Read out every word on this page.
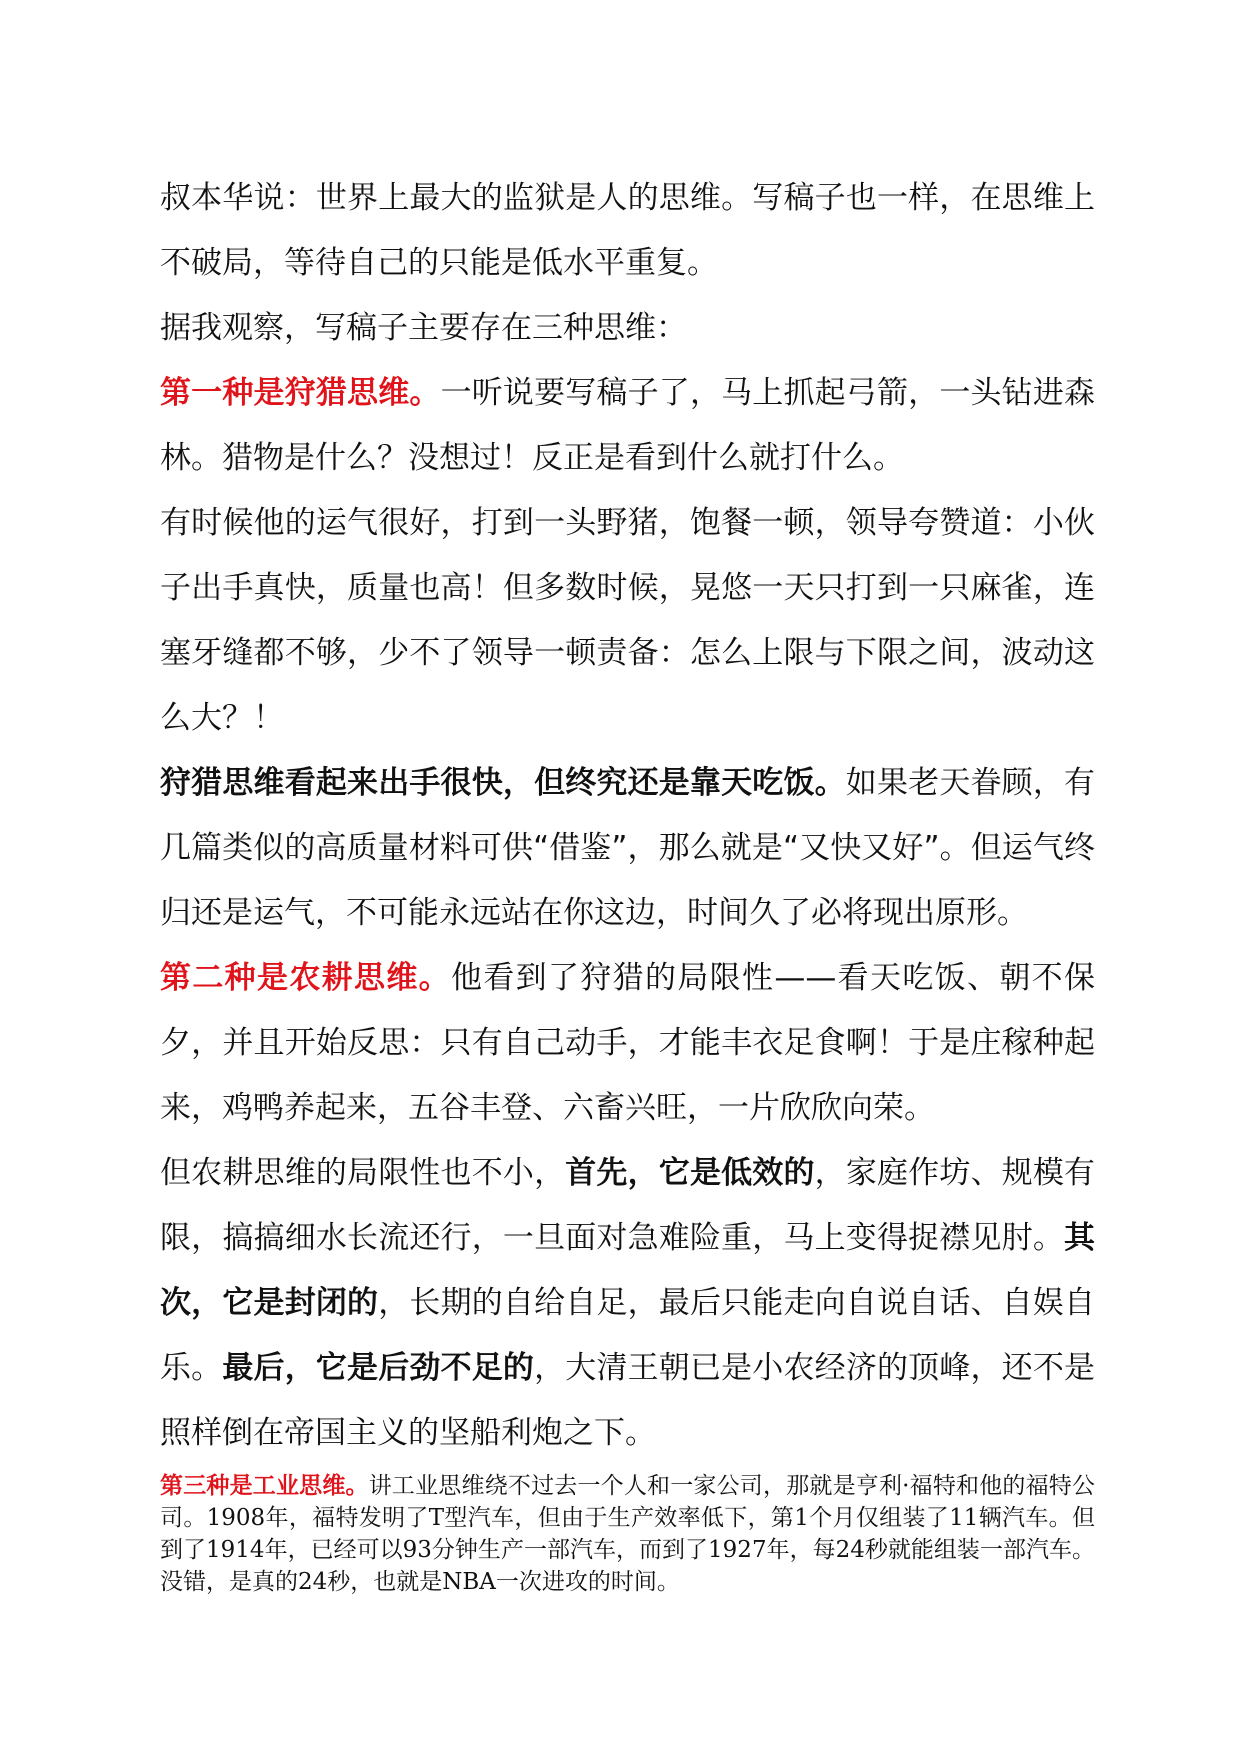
叔本华说：世界上最大的监狱是人的思维。写稿子也一样，在思维上不破局，等待自己的只能是低水平重复。

据我观察，写稿子主要存在三种思维：

第一种是狩猎思维。一听说要写稿子了，马上抓起弓箭，一头钻进森林。猎物是什么？没想过！反正是看到什么就打什么。

有时候他的运气很好，打到一头野猪，饱餐一顿，领导夸赞道：小伙子出手真快，质量也高！但多数时候，晃悠一天只打到一只麻雀，连塞牙缝都不够，少不了领导一顿责备：怎么上限与下限之间，波动这么大？！

狩猎思维看起来出手很快，但终究还是靠天吃饭。如果老天眷顾，有几篇类似的高质量材料可供“借鉴”，那么就是“又快又好”。但运气终归还是运气，不可能永远站在你这边，时间久了必将现出原形。

第二种是农耕思维。他看到了狩猎的局限性——看天吃饭、朝不保夕，并且开始反思：只有自己动手，才能丰衣足食啊！于是庄稼种起来，鸡鸭养起来，五谷丰登、六畜兴旺，一片欣欣向荣。

但农耕思维的局限性也不小，首先，它是低效的，家庭作坊、规模有限，搞搞细水长流还行，一旦面对急难险重，马上变得捉襟见肘。其次，它是封闭的，长期的自给自足，最后只能走向自说自话、自娱自乐。最后，它是后劲不足的，大清王朝已是小农经济的顶峰，还不是照样倒在帝国主义的坚船利炮之下。

第三种是工业思维。讲工业思维绕不过去一个人和一家公司，那就是亨利·福特和他的福特公司。1908年，福特发明了T型汽车，但由于生产效率低下，第1个月仅组装了11辆汽车。但到了1914年，已经可以93分钟生产一部汽车，而到了1927年，每24秒就能组装一部汽车。没错，是真的24秒，也就是NBA一次进攻的时间。
